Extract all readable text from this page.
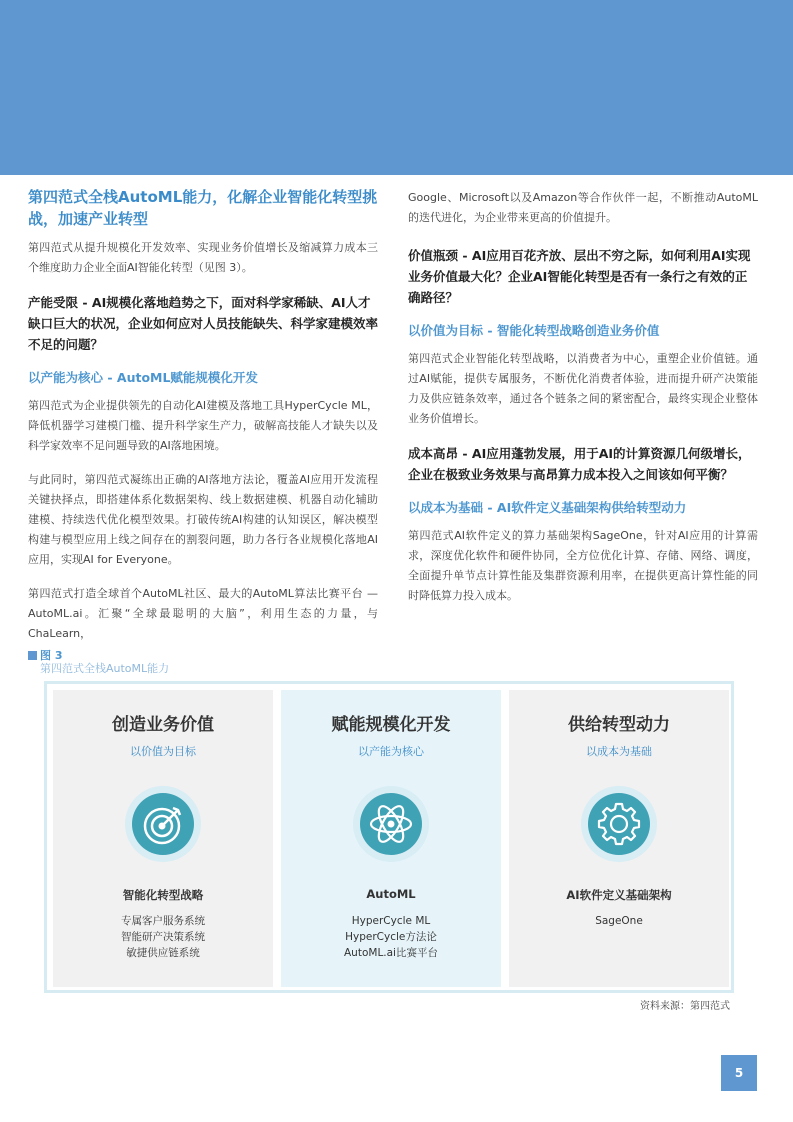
第四范式全栈AutoML能力，化解企业智能化转型挑战，加速产业转型
第四范式从提升规模化开发效率、实现业务价值增长及缩减算力成本三个维度助力企业全面AI智能化转型（见图 3）。
产能受限 - AI规模化落地趋势之下，面对科学家稀缺、AI人才缺口巨大的状况，企业如何应对人员技能缺失、科学家建模效率不足的问题？
以产能为核心 - AutoML赋能规模化开发
第四范式为企业提供领先的自动化AI建模及落地工具HyperCycle ML，降低机器学习建模门槛、提升科学家生产力，破解高技能人才缺失以及科学家效率不足问题导致的AI落地困境。
与此同时，第四范式凝练出正确的AI落地方法论，覆盖AI应用开发流程关键抉择点，即搭建体系化数据架构、线上数据建模、机器自动化辅助建模、持续迭代优化模型效果。打破传统AI构建的认知误区，解决模型构建与模型应用上线之间存在的割裂问题，助力各行各业规模化落地AI应用，实现AI for Everyone。
第四范式打造全球首个AutoML社区、最大的AutoML算法比赛平台 — AutoML.ai。汇聚“全球最聪明的大脑”，利用生态的力量，与ChaLearn，
Google、Microsoft以及Amazon等合作伙伴一起，不断推动AutoML的迭代进化，为企业带来更高的价值提升。
价值瓶颈 - AI应用百花齐放、层出不穷之际，如何利用AI实现业务价值最大化？企业AI智能化转型是否有一条行之有效的正确路径？
以价值为目标 - 智能化转型战略创造业务价值
第四范式企业智能化转型战略，以消费者为中心，重塑企业价值链。通过AI赋能，提供专属服务，不断优化消费者体验，进而提升研产决策能力及供应链条效率，通过各个链条之间的紧密配合，最终实现企业整体业务价值增长。
成本高昂 - AI应用蓬勃发展，用于AI的计算资源几何级增长，企业在极致业务效果与高昂算力成本投入之间该如何平衡？
以成本为基础 - AI软件定义基础架构供给转型动力
第四范式AI软件定义的算力基础架构SageOne，针对AI应用的计算需求，深度优化软件和硬件协同，全方位优化计算、存储、网络、调度，全面提升单节点计算性能及集群资源利用率，在提供更高计算性能的同时降低算力投入成本。
图 3
第四范式全栈AutoML能力
创造业务价值
以价值为目标
智能化转型战略
专属客户服务系统
智能研产决策系统
敏捷供应链系统
赋能规模化开发
以产能为核心
AutoML
HyperCycle ML
HyperCycle方法论
AutoML.ai比赛平台
供给转型动力
以成本为基础
AI软件定义基础架构
SageOne
资料来源：第四范式
5
